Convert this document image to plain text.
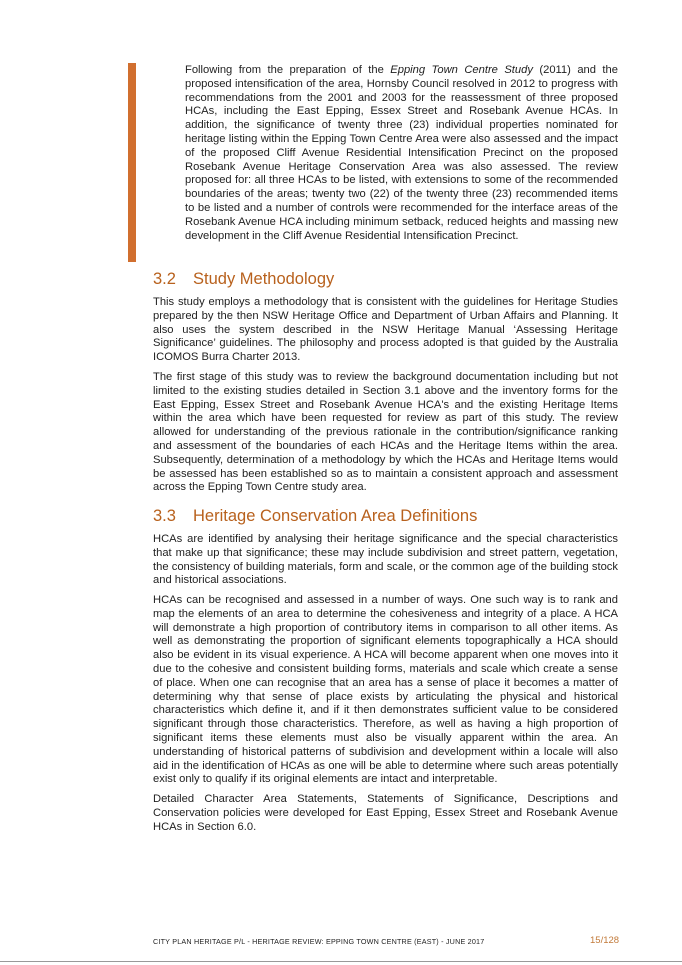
Following from the preparation of the Epping Town Centre Study (2011) and the proposed intensification of the area, Hornsby Council resolved in 2012 to progress with recommendations from the 2001 and 2003 for the reassessment of three proposed HCAs, including the East Epping, Essex Street and Rosebank Avenue HCAs. In addition, the significance of twenty three (23) individual properties nominated for heritage listing within the Epping Town Centre Area were also assessed and the impact of the proposed Cliff Avenue Residential Intensification Precinct on the proposed Rosebank Avenue Heritage Conservation Area was also assessed. The review proposed for: all three HCAs to be listed, with extensions to some of the recommended boundaries of the areas; twenty two (22) of the twenty three (23) recommended items to be listed and a number of controls were recommended for the interface areas of the Rosebank Avenue HCA including minimum setback, reduced heights and massing new development in the Cliff Avenue Residential Intensification Precinct.

3.2 Study Methodology

This study employs a methodology that is consistent with the guidelines for Heritage Studies prepared by the then NSW Heritage Office and Department of Urban Affairs and Planning. It also uses the system described in the NSW Heritage Manual ‘Assessing Heritage Significance’ guidelines. The philosophy and process adopted is that guided by the Australia ICOMOS Burra Charter 2013.

The first stage of this study was to review the background documentation including but not limited to the existing studies detailed in Section 3.1 above and the inventory forms for the East Epping, Essex Street and Rosebank Avenue HCA's and the existing Heritage Items within the area which have been requested for review as part of this study. The review allowed for understanding of the previous rationale in the contribution/significance ranking and assessment of the boundaries of each HCAs and the Heritage Items within the area. Subsequently, determination of a methodology by which the HCAs and Heritage Items would be assessed has been established so as to maintain a consistent approach and assessment across the Epping Town Centre study area.

3.3 Heritage Conservation Area Definitions

HCAs are identified by analysing their heritage significance and the special characteristics that make up that significance; these may include subdivision and street pattern, vegetation, the consistency of building materials, form and scale, or the common age of the building stock and historical associations.

HCAs can be recognised and assessed in a number of ways. One such way is to rank and map the elements of an area to determine the cohesiveness and integrity of a place. A HCA will demonstrate a high proportion of contributory items in comparison to all other items. As well as demonstrating the proportion of significant elements topographically a HCA should also be evident in its visual experience. A HCA will become apparent when one moves into it due to the cohesive and consistent building forms, materials and scale which create a sense of place. When one can recognise that an area has a sense of place it becomes a matter of determining why that sense of place exists by articulating the physical and historical characteristics which define it, and if it then demonstrates sufficient value to be considered significant through those characteristics. Therefore, as well as having a high proportion of significant items these elements must also be visually apparent within the area. An understanding of historical patterns of subdivision and development within a locale will also aid in the identification of HCAs as one will be able to determine where such areas potentially exist only to qualify if its original elements are intact and interpretable.

Detailed Character Area Statements, Statements of Significance, Descriptions and Conservation policies were developed for East Epping, Essex Street and Rosebank Avenue HCAs in Section 6.0.

CITY PLAN HERITAGE P/L - HERITAGE REVIEW: EPPING TOWN CENTRE (EAST) - JUNE 2017	15/128
